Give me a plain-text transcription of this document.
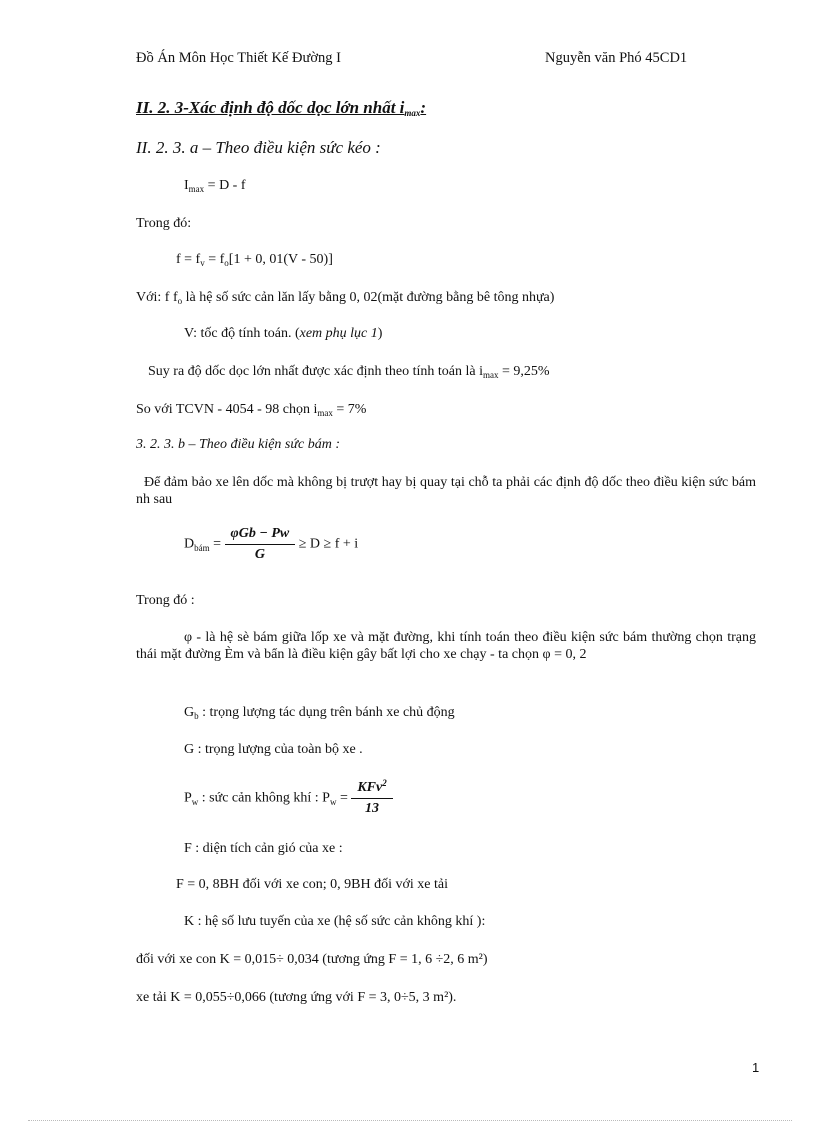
Đồ Án Môn Học Thiết Kế Đường I	Nguyễn văn Phó 45CD1
II. 2. 3-Xác định độ dốc dọc lớn nhất imax:
II. 2. 3. a – Theo điều kiện sức kéo :
$I_{max} = D - f$
Trong đó:
$f = f_v = f_o[1 + 0$, 01(V - 50)]
Với: f $f_o$ là hệ số sức cản lăn lấy bằng 0, 02(mặt đường bằng bê tông nhựa)
V: tốc độ tính toán. (xem phụ lục 1)
Suy ra độ dốc dọc lớn nhất được xác định theo tính toán là $i_{max} = 9,25\%$
So với TCVN - 4054 - 98 chọn $i_{max} = 7\%$
3. 2. 3. b – Theo điều kiện sức bám :
Để đảm bảo xe lên dốc mà không bị trượt hay bị quay tại chỗ ta phải các định độ dốc theo điều kiện sức bám nh sau
$D_{bám} = \frac{\text{φGb − Pw}}{G} \ge D \ge f + i$
Trong đó :
φ - là hệ sè bám giữa lốp xe và mặt đường, khi tính toán theo điều kiện sức bám thường chọn trạng thái mặt đường Èm và bẩn là điều kiện gây bất lợi cho xe chạy - ta chọn φ = 0, 2
$G_b$ : trọng lượng tác dụng trên bánh xe chủ động
G : trọng lượng của toàn bộ xe .
$P_w$ : sức cản không khí : $P_w = \frac{KFv^2}{13}$
F : diện tích cản gió của xe :
F = 0, 8BH đối với xe con; 0, 9BH đối với xe tải
K : hệ số lưu tuyến của xe (hệ số sức cản không khí ):
đối với xe con K = 0,015÷ 0,034 (tương ứng F = 1, 6 ÷2, 6 m²)
xe tải K = 0,055÷0,066 (tương ứng với F = 3, 0÷5, 3 m²).
1
